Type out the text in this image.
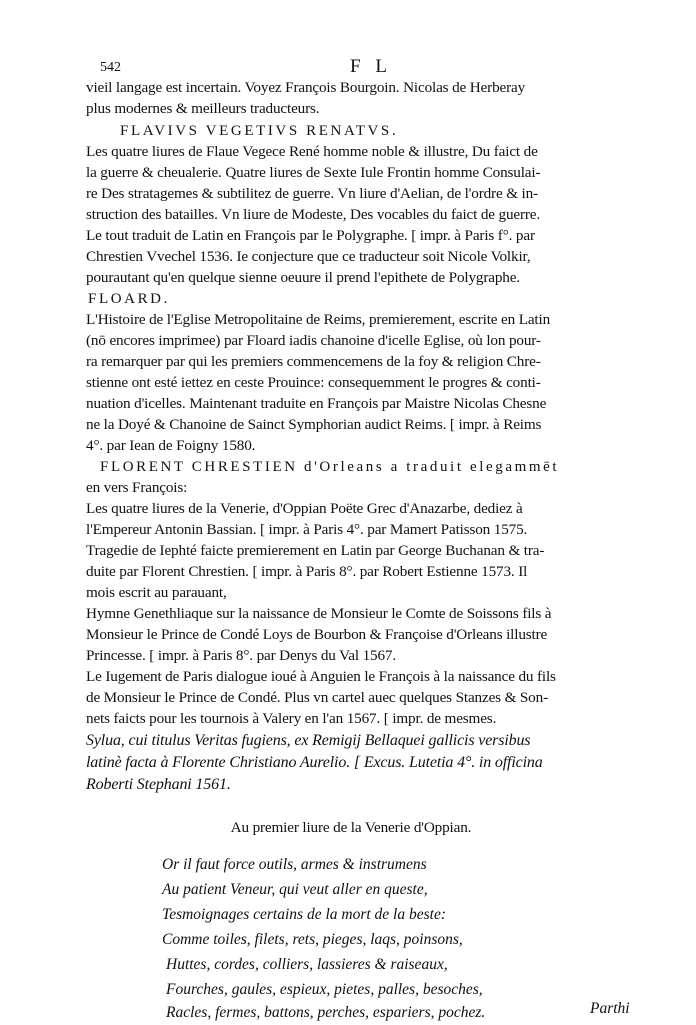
542	F L
vieil langage est incertain. Voyez François Bourgoin. Nicolas de Herberay
plus modernes & meilleurs traducteurs.
FLAVIVS VEGETIVS RENATVS.
Les quatre liures de Flaue Vegece René homme noble & illustre, Du faict de
la guerre & cheualerie. Quatre liures de Sexte Iule Frontin homme Consulai-
re Des stratagemes & subtilitez de guerre. Vn liure d'Aelian, de l'ordre & in-
struction des batailles. Vn liure de Modeste, Des vocables du faict de guerre.
Le tout traduit de Latin en François par le Polygraphe. [ impr. à Paris f°. par
Chrestien Vvechel 1536. Ie conjecture que ce traducteur soit Nicole Volkir,
pourautant qu'en quelque sienne oeuure il prend l'epithete de Polygraphe.
FLOARD.
L'Histoire de l'Eglise Metropolitaine de Reims, premierement, escrite en Latin
(nō encores imprimee) par Floard iadis chanoine d'icelle Eglise, où lon pour-
ra remarquer par qui les premiers commencemens de la foy & religion Chre-
stienne ont esté iettez en ceste Prouince: consequemment le progres & conti-
nuation d'icelles. Maintenant traduite en François par Maistre Nicolas Chesne
ne la Doyé & Chanoine de Sainct Symphorian audict Reims. [ impr. à Reims
4°. par Iean de Foigny 1580.
FLORENT CHRESTIEN d'Orleans a traduit elegammēt
en vers François:
Les quatre liures de la Venerie, d'Oppian Poëte Grec d'Anazarbe, dediez à
l'Empereur Antonin Bassian. [ impr. à Paris 4°. par Mamert Patisson 1575.
Tragedie de Iephté faicte premierement en Latin par George Buchanan & tra-
duite par Florent Chrestien. [ impr. à Paris 8°. par Robert Estienne 1573. Il
mois escrit au parauant,
Hymne Genethliaque sur la naissance de Monsieur le Comte de Soissons fils à
Monsieur le Prince de Condé Loys de Bourbon & Françoise d'Orleans illustre
Princesse. [ impr. à Paris 8°. par Denys du Val 1567.
Le Iugement de Paris dialogue ioué à Anguien le François à la naissance du fils
de Monsieur le Prince de Condé. Plus vn cartel auec quelques Stanzes & Son-
nets faicts pour les tournois à Valery en l'an 1567. [ impr. de mesmes.
Sylua, cui titulus Veritas fugiens, ex Remigij Bellaquei gallicis versibus
latinè facta à Florente Christiano Aurelio. [ Excus. Lutetia 4°. in officina
Roberti Stephani 1561.
Au premier liure de la Venerie d'Oppian.
Or il faut force outils, armes & instrumens
Au patient Veneur, qui veut aller en queste,
Tesmoignages certains de la mort de la beste:
Comme toiles, filets, rets, pieges, laqs, poinsons,
Huttes, cordes, colliers, lassieres & raiseaux,
Fourches, gaules, espieux, pietes, palles, besoches,
Racles, fermes, battons, perches, espariers, pochez.	Parthi
